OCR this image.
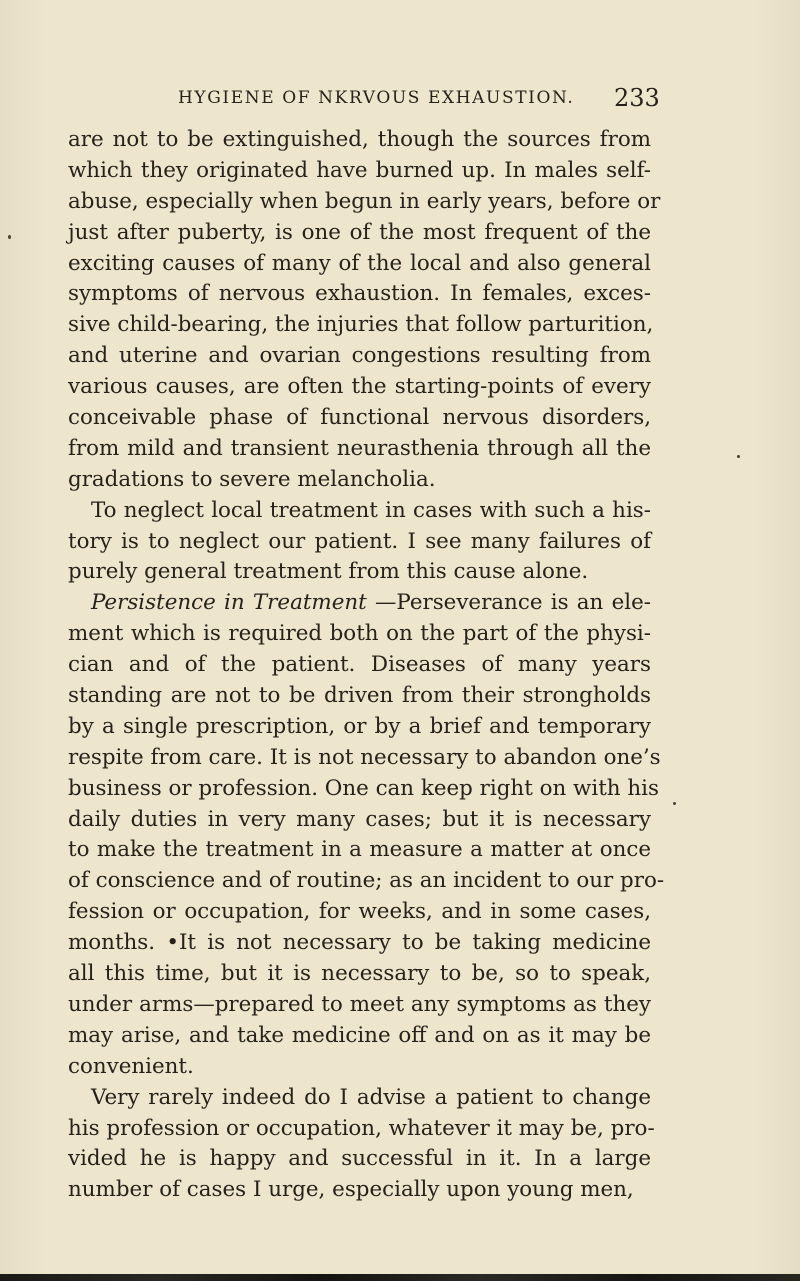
HYGIENE OF NKRVOUS EXHAUSTION. 233
are not to be extinguished, though the sources from
which they originated have burned up. In males self-
abuse, especially when begun in early years, before or
just after puberty, is one of the most frequent of the
exciting causes of many of the local and also general
symptoms of nervous exhaustion. In females, exces-
sive child-bearing, the injuries that follow parturition,
and uterine and ovarian congestions resulting from
various causes, are often the starting-points of every
conceivable phase of functional nervous disorders,
from mild and transient neurasthenia through all the
gradations to severe melancholia.
To neglect local treatment in cases with such a his-
tory is to neglect our patient. I see many failures of
purely general treatment from this cause alone.
Persistence in Treatment —Perseverance is an ele-
ment which is required both on the part of the physi-
cian and of the patient. Diseases of many years
standing are not to be driven from their strongholds
by a single prescription, or by a brief and temporary
respite from care. It is not necessary to abandon one’s
business or profession. One can keep right on with his
daily duties in very many cases; but it is necessary
to make the treatment in a measure a matter at once
of conscience and of routine; as an incident to our pro-
fession or occupation, for weeks, and in some cases,
months. •It is not necessary to be taking medicine
all this time, but it is necessary to be, so to speak,
under arms—prepared to meet any symptoms as they
may arise, and take medicine off and on as it may be
convenient.
Very rarely indeed do I advise a patient to change
his profession or occupation, whatever it may be, pro-
vided he is happy and successful in it. In a large
number of cases I urge, especially upon young men,
